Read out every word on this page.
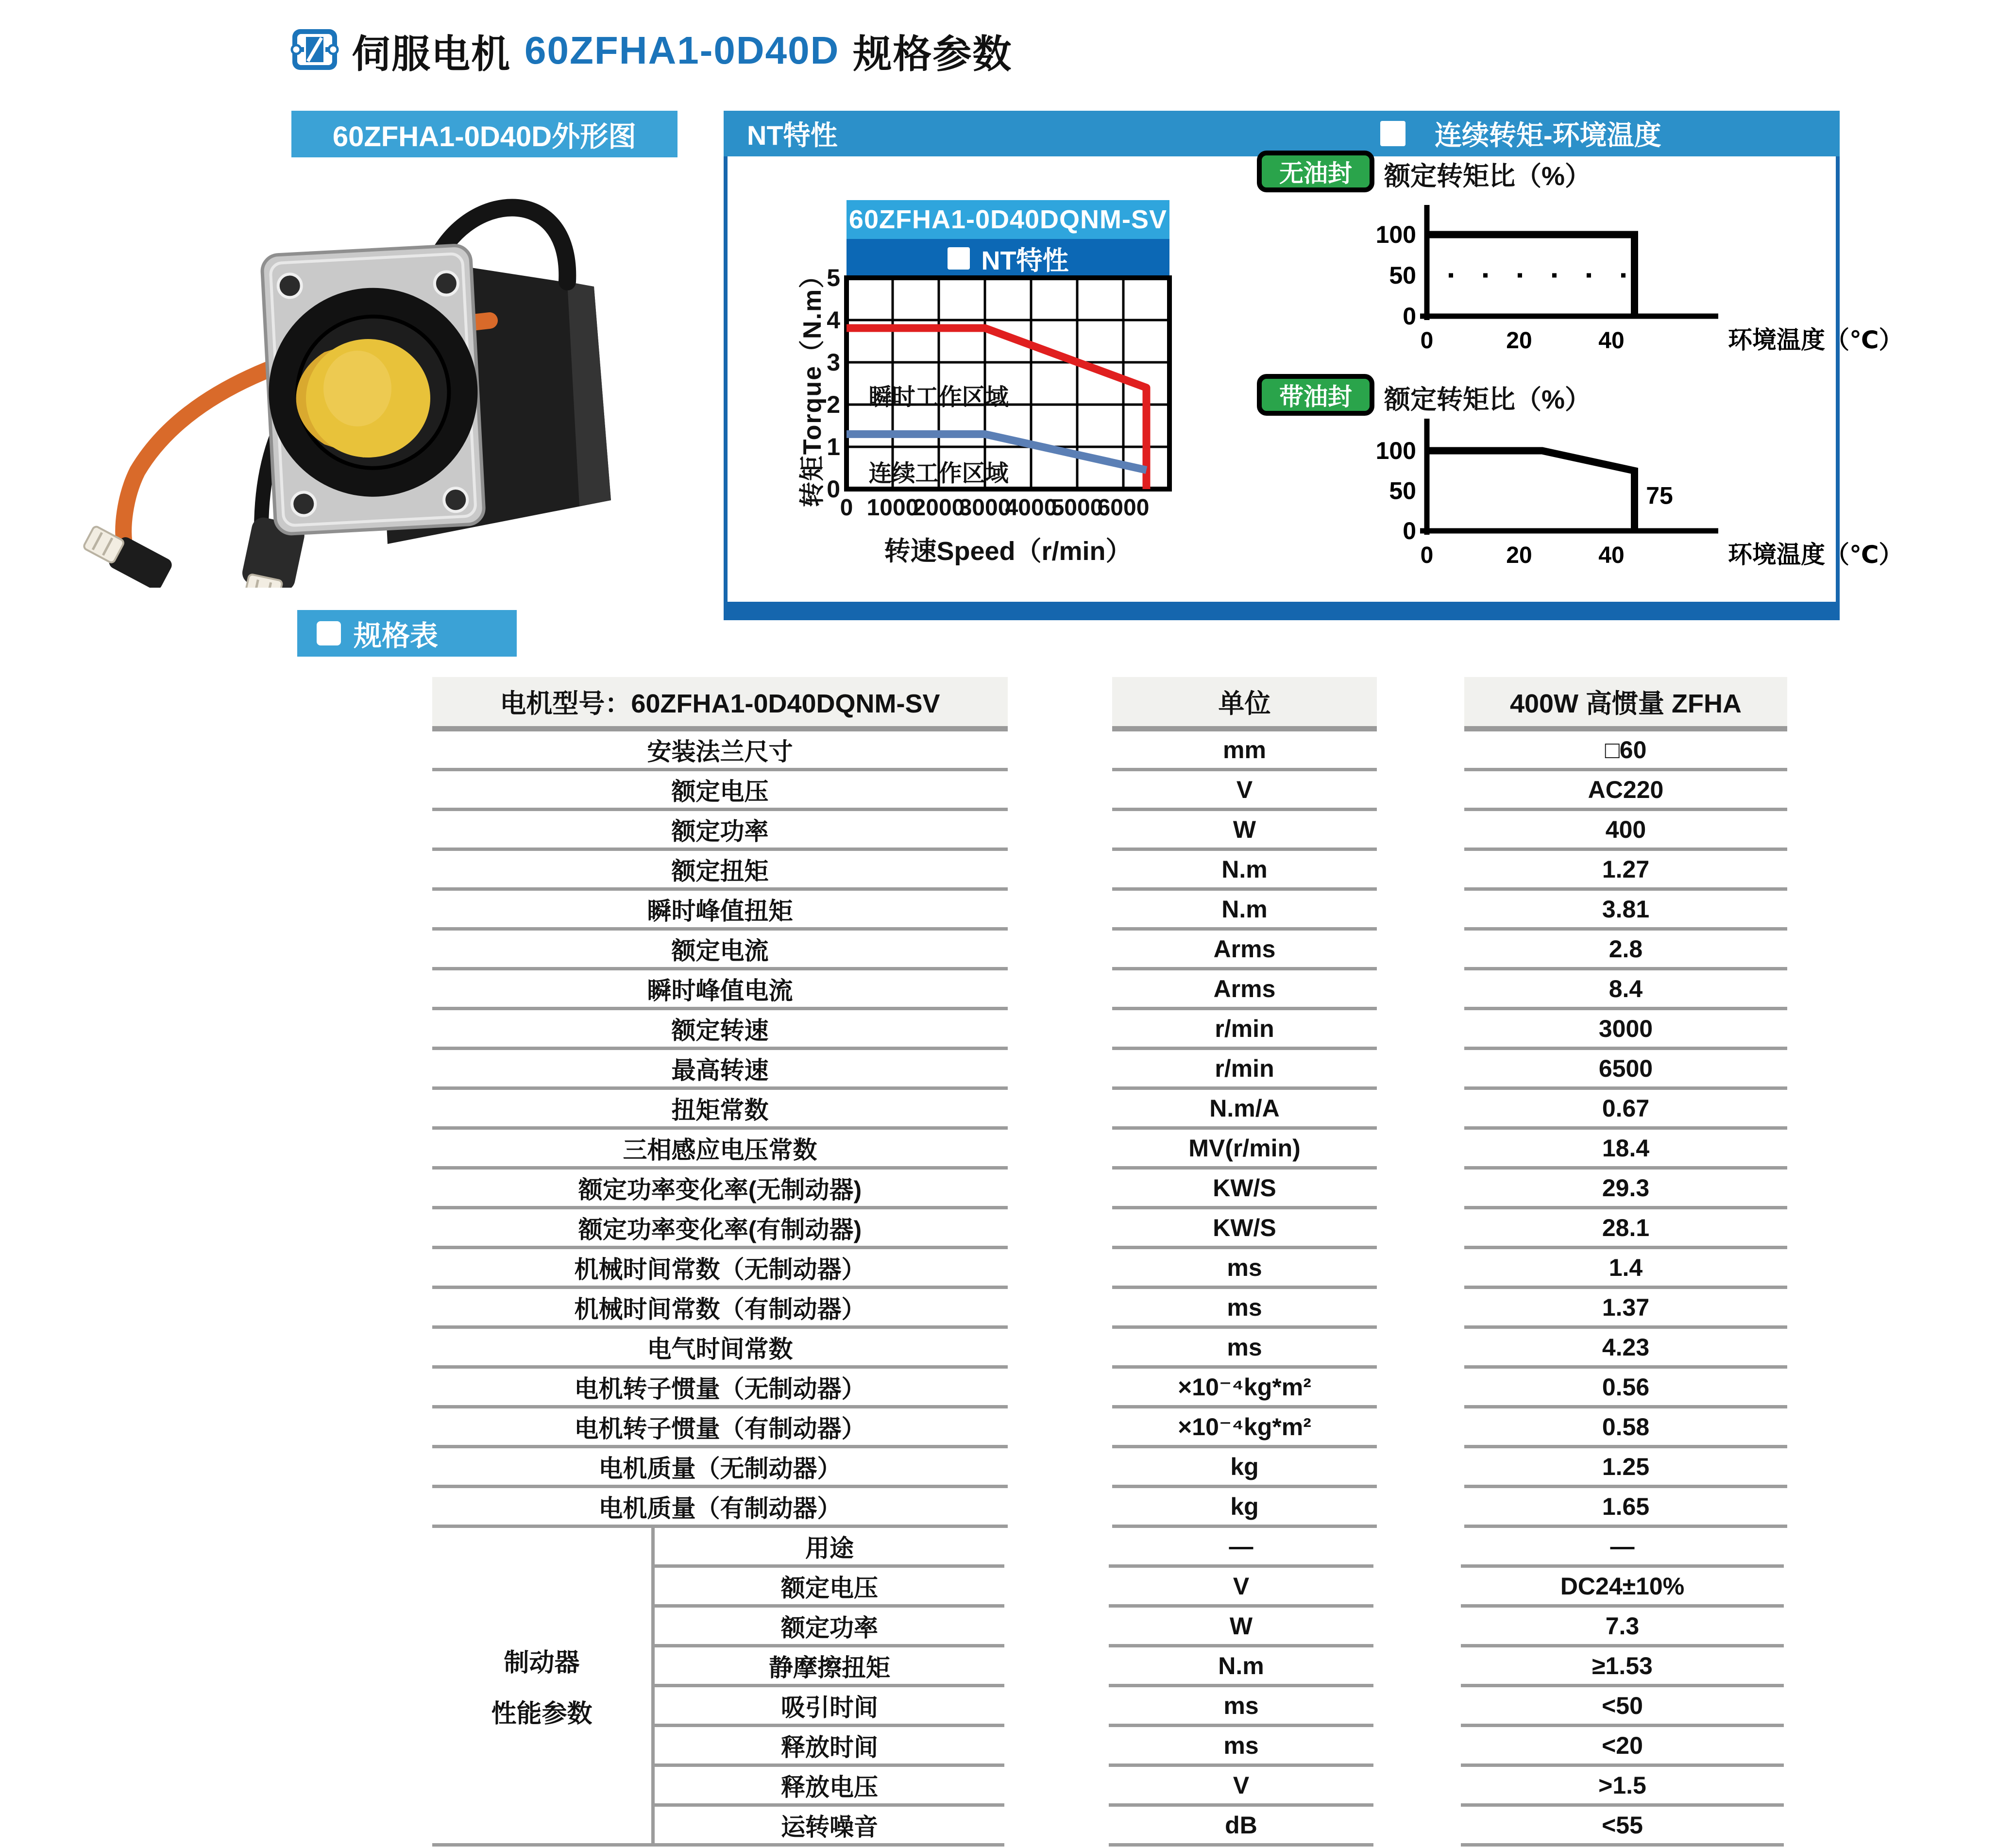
伺服电机 60ZFHA1-0D40D 规格参数
60ZFHA1-0D40D外形图	NT特性	连续转矩-环境温度
60ZFHA1-0D40DQNM-SV
NT特性
转矩Torque（N.m） 5
4
3
2
1
0
瞬时工作区域
连续工作区域
0 1000
2000
3000
4000
5000
6000
转速Speed（r/min）
无油封	额定转矩比（%）
100
50
0
0	20	40	环境温度（℃）
带油封	额定转矩比（%）
100
50
0
0	20	40	环境温度（℃）
75
规格表
电机型号：60ZFHA1-0D40DQNM-SV	单位	400W 高惯量 ZFHA
安装法兰尺寸	mm	□60
额定电压	V	AC220
额定功率	W	400
额定扭矩	N.m	1.27
瞬时峰值扭矩	N.m	3.81
额定电流	Arms	2.8
瞬时峰值电流	Arms	8.4
额定转速	r/min	3000
最高转速	r/min	6500
扭矩常数	N.m/A	0.67
三相感应电压常数	MV(r/min)	18.4
额定功率变化率(无制动器)	KW/S	29.3
额定功率变化率(有制动器)	KW/S	28.1
机械时间常数（无制动器）	ms	1.4
机械时间常数（有制动器）	ms	1.37
电气时间常数	ms	4.23
电机转子惯量（无制动器）	×10⁻⁴kg*m²	0.56
电机转子惯量（有制动器）	×10⁻⁴kg*m²	0.58
电机质量（无制动器）	kg	1.25
电机质量（有制动器）	kg	1.65
制动器
性能参数
用途	—	—
额定电压	V	DC24±10%
额定功率	W	7.3
静摩擦扭矩	N.m	≥1.53
吸引时间	ms	<50
释放时间	ms	<20
释放电压	V	>1.5
运转噪音	dB	<55
